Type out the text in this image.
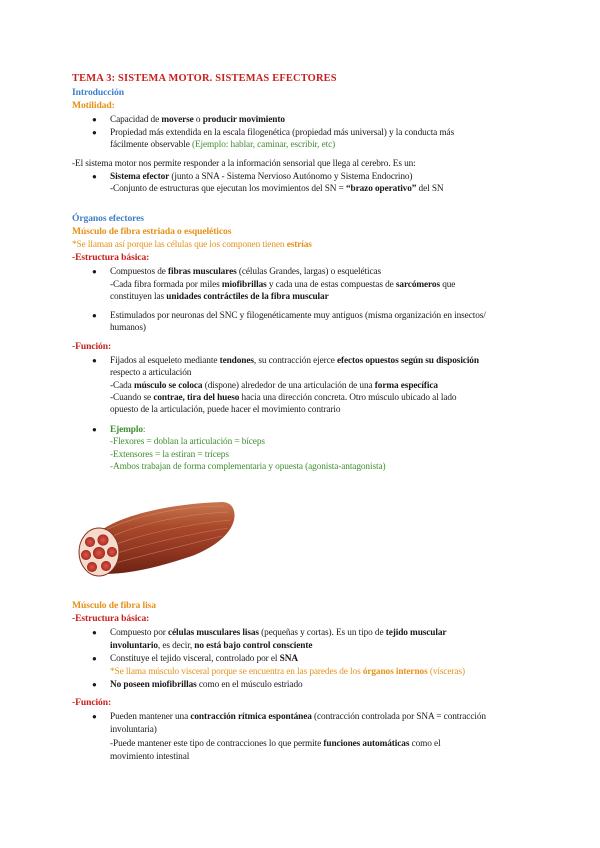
TEMA 3: SISTEMA MOTOR. SISTEMAS EFECTORES
Introducción
Motilidad:
● Capacidad de moverse o producir movimiento
● Propiedad más extendida en la escala filogenética (propiedad más universal) y la conducta más
fácilmente observable (Ejemplo: hablar, caminar, escribir, etc)
-El sistema motor nos permite responder a la información sensorial que llega al cerebro. Es un:
● Sistema efector (junto a SNA - Sistema Nervioso Autónomo y Sistema Endocrino)
-Conjunto de estructuras que ejecutan los movimientos del SN = “brazo operativo” del SN
Órganos efectores
Músculo de fibra estriada o esqueléticos
*Se llaman así porque las células que los componen tienen estrías
-Estructura básica:
● Compuestos de fibras musculares (células Grandes, largas) o esqueléticas
-Cada fibra formada por miles miofibrillas y cada una de estas compuestas de sarcómeros que
constituyen las unidades contráctiles de la fibra muscular
● Estimulados por neuronas del SNC y filogenéticamente muy antiguos (misma organización en insectos/
humanos)
-Función:
● Fijados al esqueleto mediante tendones, su contracción ejerce efectos opuestos según su disposición
respecto a articulación
-Cada músculo se coloca (dispone) alrededor de una articulación de una forma específica
-Cuando se contrae, tira del hueso hacia una dirección concreta. Otro músculo ubicado al lado
opuesto de la articulación, puede hacer el movimiento contrario
● Ejemplo:
-Flexores = doblan la articulación = bíceps
-Extensores = la estiran = tríceps
-Ambos trabajan de forma complementaria y opuesta (agonista-antagonista)
Músculo de fibra lisa
-Estructura básica:
● Compuesto por células musculares lisas (pequeñas y cortas). Es un tipo de tejido muscular
involuntario, es decir, no está bajo control consciente
● Constituye el tejido visceral, controlado por el SNA
*Se llama músculo visceral porque se encuentra en las paredes de los órganos internos (vísceras)
● No poseen miofibrillas como en el músculo estriado
-Función:
● Pueden mantener una contracción rítmica espontánea (contracción controlada por SNA = contracción
involuntaria)
-Puede mantener este tipo de contracciones lo que permite funciones automáticas como el
movimiento intestinal
